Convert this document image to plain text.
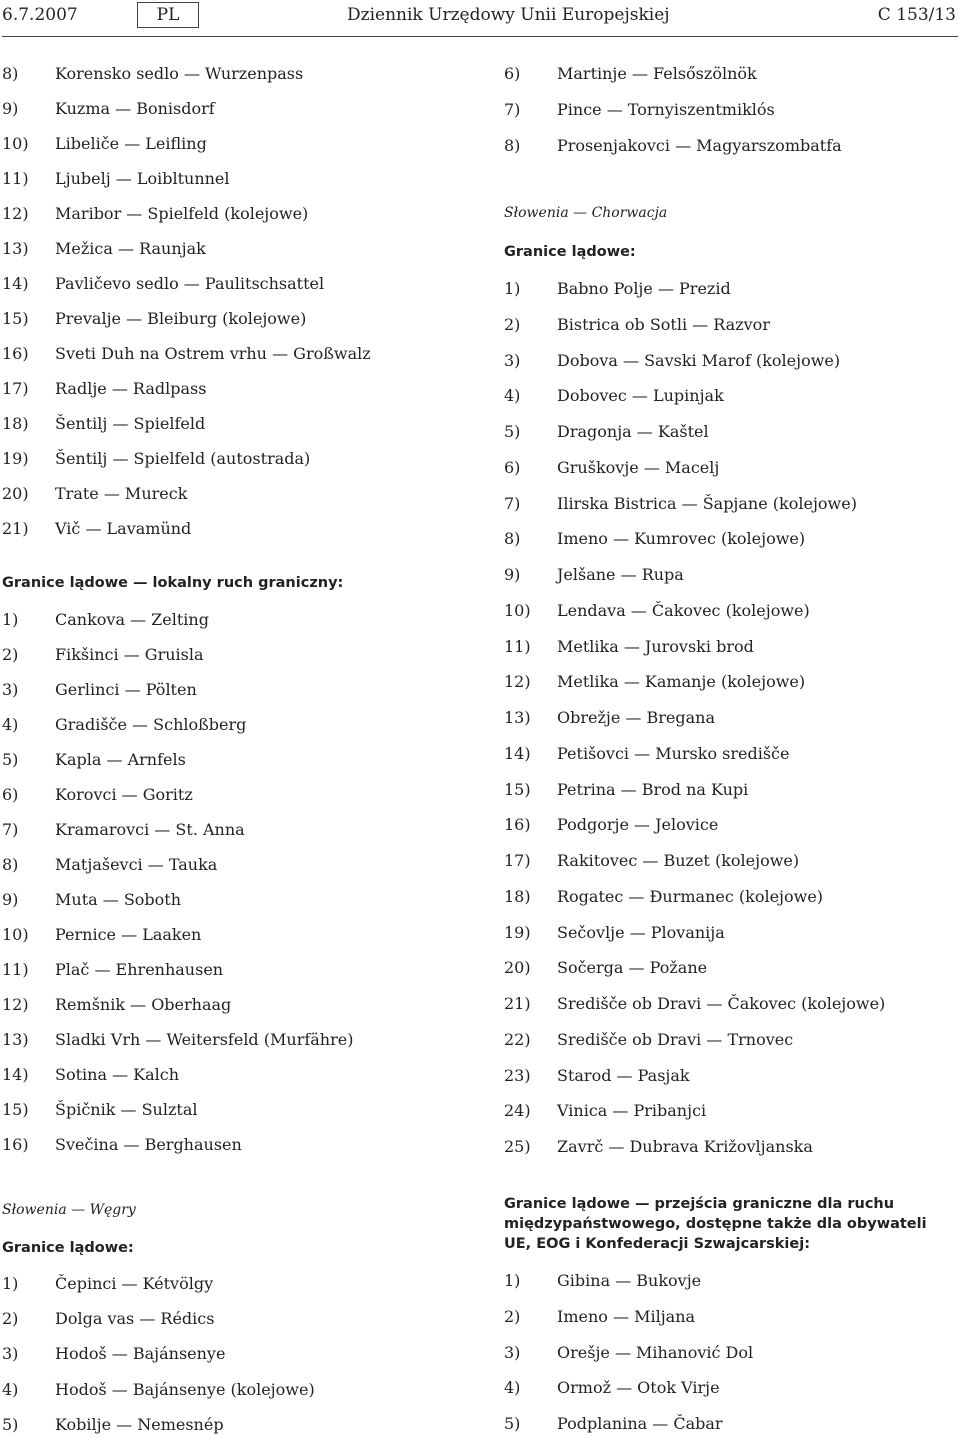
6.7.2007	PL	Dziennik Urzędowy Unii Europejskiej	C 153/13
8) Korensko sedlo — Wurzenpass
9) Kuzma — Bonisdorf
10) Libeliče — Leifling
11) Ljubelj — Loibltunnel
12) Maribor — Spielfeld (kolejowe)
13) Mežica — Raunjak
14) Pavličevo sedlo — Paulitschsattel
15) Prevalje — Bleiburg (kolejowe)
16) Sveti Duh na Ostrem vrhu — Großwalz
17) Radlje — Radlpass
18) Šentilj — Spielfeld
19) Šentilj — Spielfeld (autostrada)
20) Trate — Mureck
21) Vič — Lavamünd
Granice lądowe — lokalny ruch graniczny:
1) Cankova — Zelting
2) Fikšinci — Gruisla
3) Gerlinci — Pölten
4) Gradišče — Schloßberg
5) Kapla — Arnfels
6) Korovci — Goritz
7) Kramarovci — St. Anna
8) Matjaševci — Tauka
9) Muta — Soboth
10) Pernice — Laaken
11) Plač — Ehrenhausen
12) Remšnik — Oberhaag
13) Sladki Vrh — Weitersfeld (Murfähre)
14) Sotina — Kalch
15) Špičnik — Sulztal
16) Svečina — Berghausen
Słowenia — Węgry
Granice lądowe:
1) Čepinci — Kétvölgy
2) Dolga vas — Rédics
3) Hodoš — Bajánsenye
4) Hodoš — Bajánsenye (kolejowe)
5) Kobilje — Nemesnép
6) Martinje — Felsőszölnök
7) Pince — Tornyiszentmiklós
8) Prosenjakovci — Magyarszombatfa
Słowenia — Chorwacja
Granice lądowe:
1) Babno Polje — Prezid
2) Bistrica ob Sotli — Razvor
3) Dobova — Savski Marof (kolejowe)
4) Dobovec — Lupinjak
5) Dragonja — Kaštel
6) Gruškovje — Macelj
7) Ilirska Bistrica — Šapjane (kolejowe)
8) Imeno — Kumrovec (kolejowe)
9) Jelšane — Rupa
10) Lendava — Čakovec (kolejowe)
11) Metlika — Jurovski brod
12) Metlika — Kamanje (kolejowe)
13) Obrežje — Bregana
14) Petišovci — Mursko središče
15) Petrina — Brod na Kupi
16) Podgorje — Jelovice
17) Rakitovec — Buzet (kolejowe)
18) Rogatec — Đurmanec (kolejowe)
19) Sečovlje — Plovanija
20) Sočerga — Požane
21) Središče ob Dravi — Čakovec (kolejowe)
22) Središče ob Dravi — Trnovec
23) Starod — Pasjak
24) Vinica — Pribanjci
25) Zavrč — Dubrava Križovljanska
Granice lądowe — przejścia graniczne dla ruchu międzypaństwowego, dostępne także dla obywateli UE, EOG i Konfederacji Szwajcarskiej:
1) Gibina — Bukovje
2) Imeno — Miljana
3) Orešje — Mihanović Dol
4) Ormož — Otok Virje
5) Podplanina — Čabar
